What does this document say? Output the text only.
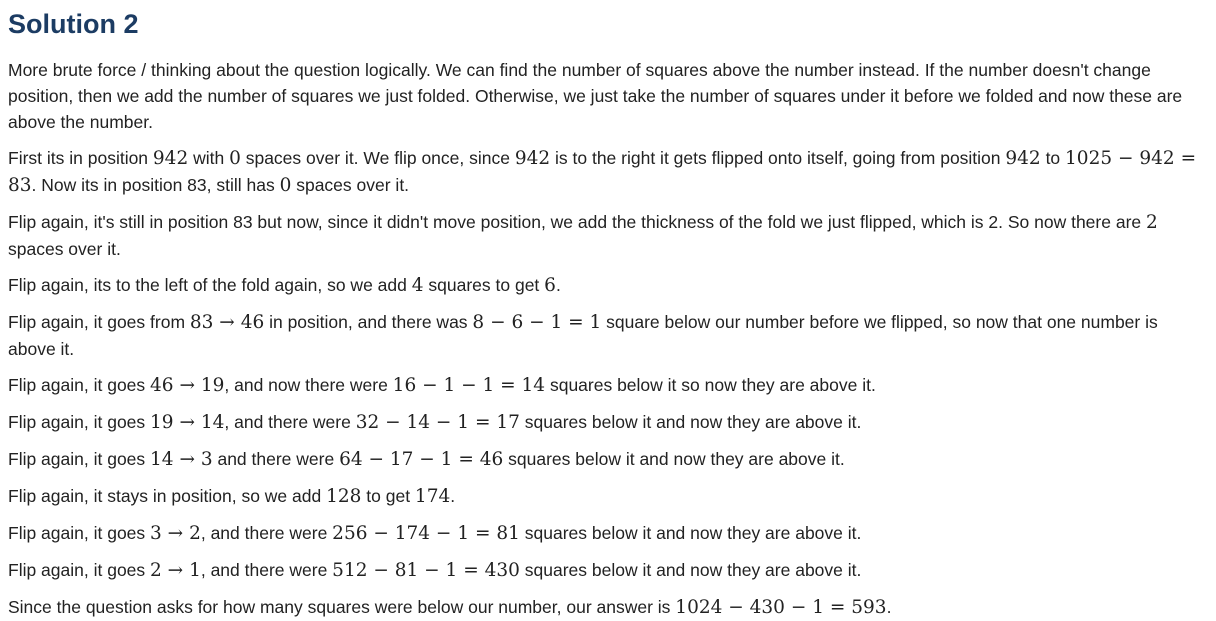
Solution 2

More brute force / thinking about the question logically. We can find the number of squares above the number instead. If the number doesn't change position, then we add the number of squares we just folded. Otherwise, we just take the number of squares under it before we folded and now these are above the number.

First its in position 942 with 0 spaces over it. We flip once, since 942 is to the right it gets flipped onto itself, going from position 942 to 1025 − 942 = 83. Now its in position 83, still has 0 spaces over it.

Flip again, it's still in position 83 but now, since it didn't move position, we add the thickness of the fold we just flipped, which is 2. So now there are 2 spaces over it.

Flip again, its to the left of the fold again, so we add 4 squares to get 6.

Flip again, it goes from 83 → 46 in position, and there was 8 − 6 − 1 = 1 square below our number before we flipped, so now that one number is above it.

Flip again, it goes 46 → 19, and now there were 16 − 1 − 1 = 14 squares below it so now they are above it.

Flip again, it goes 19 → 14, and there were 32 − 14 − 1 = 17 squares below it and now they are above it.

Flip again, it goes 14 → 3 and there were 64 − 17 − 1 = 46 squares below it and now they are above it.

Flip again, it stays in position, so we add 128 to get 174.

Flip again, it goes 3 → 2, and there were 256 − 174 − 1 = 81 squares below it and now they are above it.

Flip again, it goes 2 → 1, and there were 512 − 81 − 1 = 430 squares below it and now they are above it.

Since the question asks for how many squares were below our number, our answer is 1024 − 430 − 1 = 593.
